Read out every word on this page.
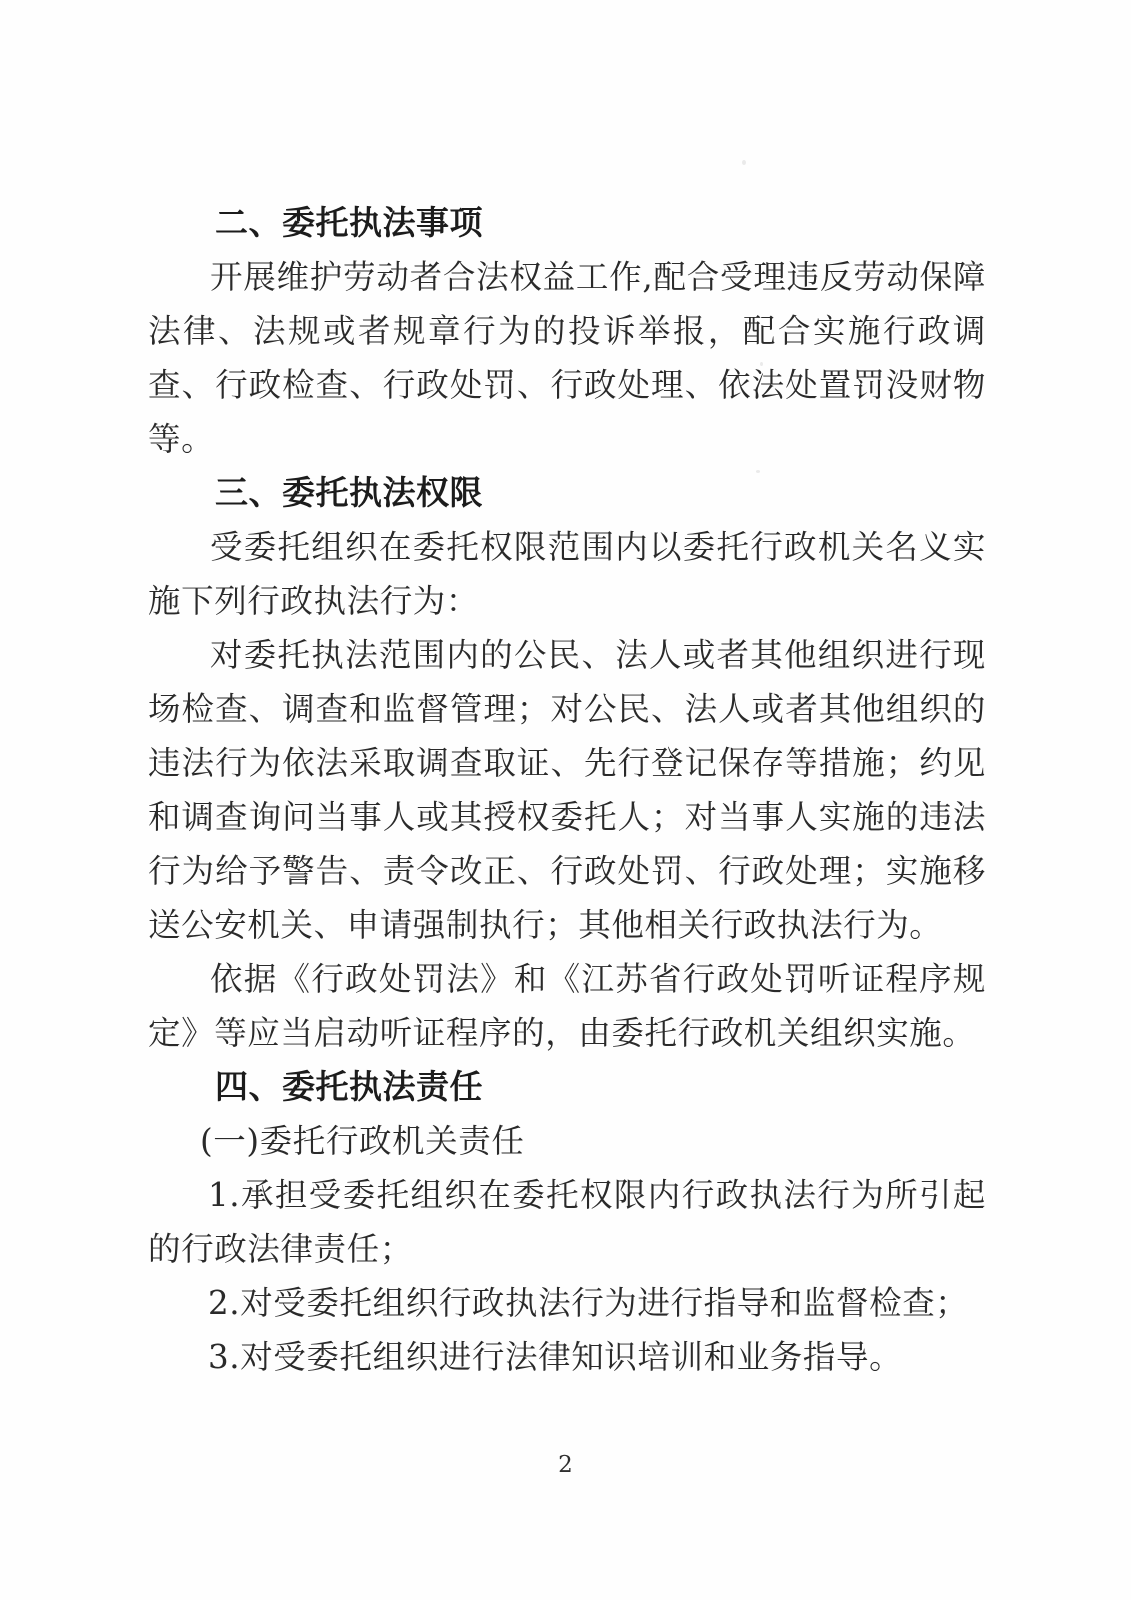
二、委托执法事项

开展维护劳动者合法权益工作,配合受理违反劳动保障法律、法规或者规章行为的投诉举报，配合实施行政调查、行政检查、行政处罚、行政处理、依法处置罚没财物等。

三、委托执法权限

受委托组织在委托权限范围内以委托行政机关名义实施下列行政执法行为：

对委托执法范围内的公民、法人或者其他组织进行现场检查、调查和监督管理；对公民、法人或者其他组织的违法行为依法采取调查取证、先行登记保存等措施；约见和调查询问当事人或其授权委托人；对当事人实施的违法行为给予警告、责令改正、行政处罚、行政处理；实施移送公安机关、申请强制执行；其他相关行政执法行为。

依据《行政处罚法》和《江苏省行政处罚听证程序规定》等应当启动听证程序的，由委托行政机关组织实施。

四、委托执法责任

(一)委托行政机关责任

1.承担受委托组织在委托权限内行政执法行为所引起的行政法律责任；

2.对受委托组织行政执法行为进行指导和监督检查；

3.对受委托组织进行法律知识培训和业务指导。

2
